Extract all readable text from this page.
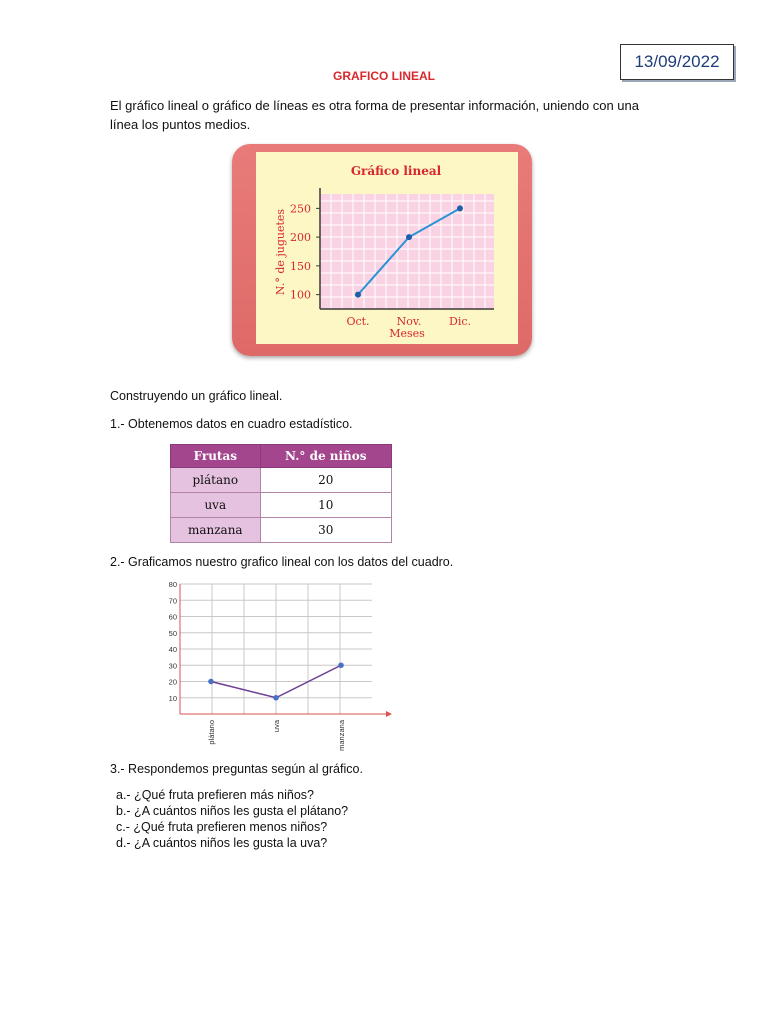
13/09/2022
GRAFICO LINEAL
El gráfico lineal o gráfico de líneas es otra forma de presentar información, uniendo con una línea los puntos medios.
Gráfico lineal
100
150
200
250
Oct. Nov.	Dic.
Meses
N.° de juguetes
Construyendo un gráfico lineal.
1.- Obtenemos datos en cuadro estadístico.
Frutas	N.° de niños
plátano	20
uva	10
manzana	30
2.- Graficamos nuestro grafico lineal con los datos del cuadro.
10
20
30
40
50
60
70
80
plátano	uva	manzana
3.- Respondemos preguntas según al gráfico.
a.- ¿Qué fruta prefieren más niños?
b.- ¿A cuántos niños les gusta el plátano?
c.- ¿Qué fruta prefieren menos niños?
d.- ¿A cuántos niños les gusta la uva?
